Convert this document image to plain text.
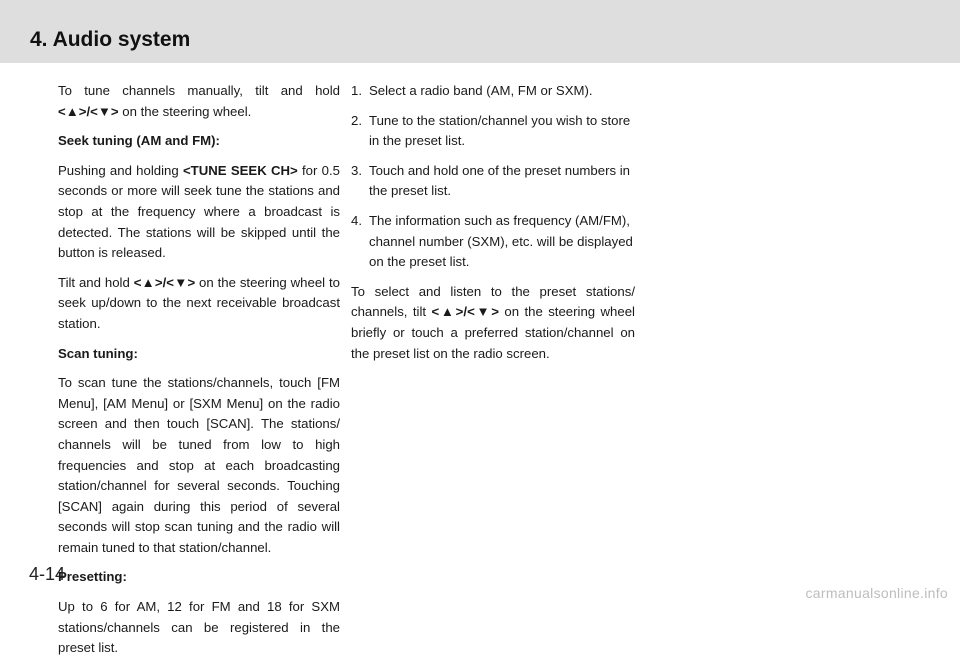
4. Audio system

To tune channels manually, tilt and hold <▲>/<▼> on the steering wheel.

Seek tuning (AM and FM):

Pushing and holding <TUNE SEEK CH> for 0.5 seconds or more will seek tune the stations and stop at the frequency where a broadcast is detected. The stations will be skipped until the button is released.

Tilt and hold <▲>/<▼> on the steering wheel to seek up/down to the next receivable broadcast station.

Scan tuning:

To scan tune the stations/channels, touch [FM Menu], [AM Menu] or [SXM Menu] on the radio screen and then touch [SCAN]. The stations/ channels will be tuned from low to high frequencies and stop at each broadcasting station/channel for several seconds. Touching [SCAN] again during this period of several seconds will stop scan tuning and the radio will remain tuned to that station/channel.

Presetting:

Up to 6 for AM, 12 for FM and 18 for SXM stations/channels can be registered in the preset list.

1. Select a radio band (AM, FM or SXM).
2. Tune to the station/channel you wish to store in the preset list.
3. Touch and hold one of the preset numbers in the preset list.
4. The information such as frequency (AM/FM), channel number (SXM), etc. will be displayed on the preset list.

To select and listen to the preset stations/ channels, tilt <▲>/<▼> on the steering wheel briefly or touch a preferred station/channel on the preset list on the radio screen.

4-14
carmanualsonline.info
